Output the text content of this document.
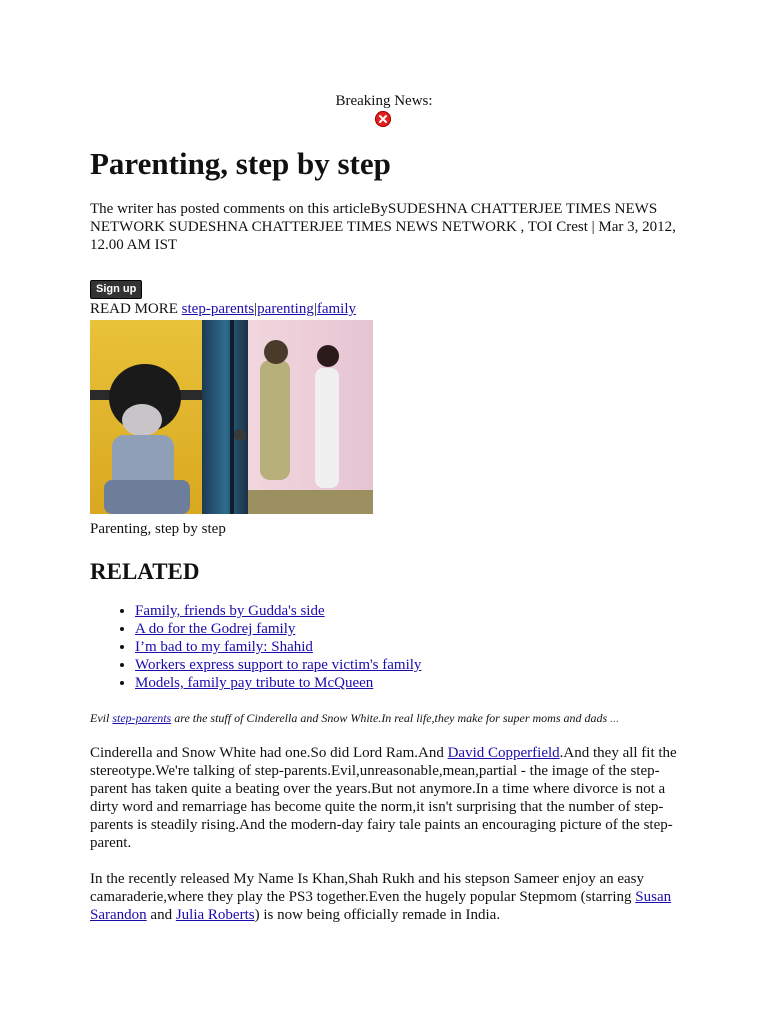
Breaking News:
Parenting, step by step
The writer has posted comments on this articleBySUDESHNA CHATTERJEE TIMES NEWS NETWORK SUDESHNA CHATTERJEE TIMES NEWS NETWORK , TOI Crest | Mar 3, 2012, 12.00 AM IST
Sign up
READ MORE step-parents|parenting|family
Parenting, step by step
RELATED
• Family, friends by Gudda's side
• A do for the Godrej family
• I’m bad to my family: Shahid
• Workers express support to rape victim's family
• Models, family pay tribute to McQueen
Evil step-parents are the stuff of Cinderella and Snow White.In real life,they make for super moms and dads ...

Cinderella and Snow White had one.So did Lord Ram.And David Copperfield.And they all fit the stereotype.We're talking of step-parents.Evil,unreasonable,mean,partial - the image of the step-parent has taken quite a beating over the years.But not anymore.In a time where divorce is not a dirty word and remarriage has become quite the norm,it isn't surprising that the number of step-parents is steadily rising.And the modern-day fairy tale paints an encouraging picture of the step-parent.

In the recently released My Name Is Khan,Shah Rukh and his stepson Sameer enjoy an easy camaraderie,where they play the PS3 together.Even the hugely popular Stepmom (starring Susan Sarandon and Julia Roberts) is now being officially remade in India.
